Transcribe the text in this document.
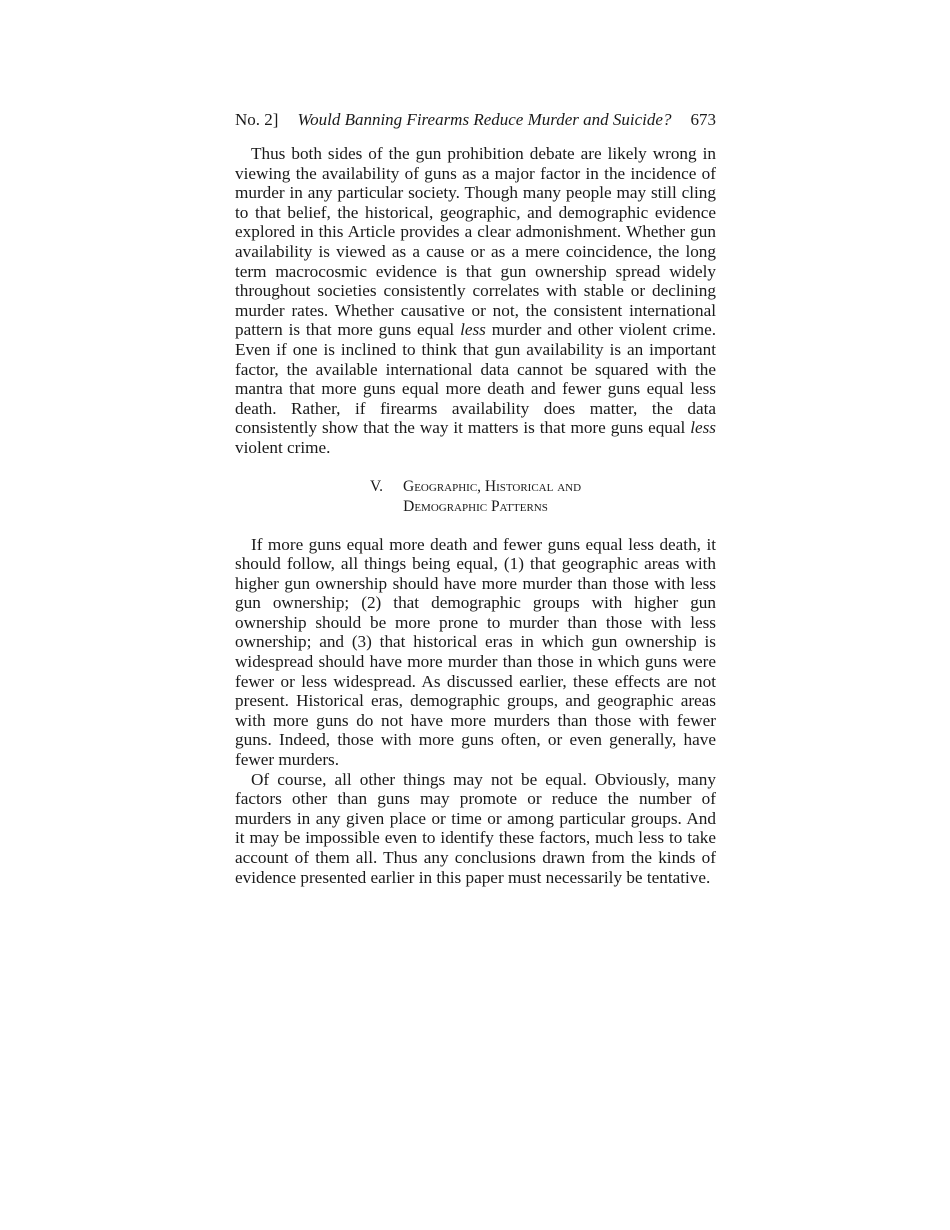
No. 2] Would Banning Firearms Reduce Murder and Suicide? 673

Thus both sides of the gun prohibition debate are likely wrong in viewing the availability of guns as a major factor in the incidence of murder in any particular society. Though many people may still cling to that belief, the historical, geographic, and demographic evidence explored in this Article provides a clear admonishment. Whether gun availability is viewed as a cause or as a mere coincidence, the long term macrocosmic evidence is that gun ownership spread widely throughout societies consistently correlates with stable or declining murder rates. Whether causative or not, the consistent international pattern is that more guns equal less murder and other violent crime. Even if one is inclined to think that gun availability is an important factor, the available international data cannot be squared with the mantra that more guns equal more death and fewer guns equal less death. Rather, if firearms availability does matter, the data consistently show that the way it matters is that more guns equal less violent crime.

V. Geographic, Historical and
Demographic Patterns

If more guns equal more death and fewer guns equal less death, it should follow, all things being equal, (1) that geographic areas with higher gun ownership should have more murder than those with less gun ownership; (2) that demographic groups with higher gun ownership should be more prone to murder than those with less ownership; and (3) that historical eras in which gun ownership is widespread should have more murder than those in which guns were fewer or less widespread. As discussed earlier, these effects are not present. Historical eras, demographic groups, and geographic areas with more guns do not have more murders than those with fewer guns. Indeed, those with more guns often, or even generally, have fewer murders.

Of course, all other things may not be equal. Obviously, many factors other than guns may promote or reduce the number of murders in any given place or time or among particular groups. And it may be impossible even to identify these factors, much less to take account of them all. Thus any conclusions drawn from the kinds of evidence presented earlier in this paper must necessarily be tentative.
